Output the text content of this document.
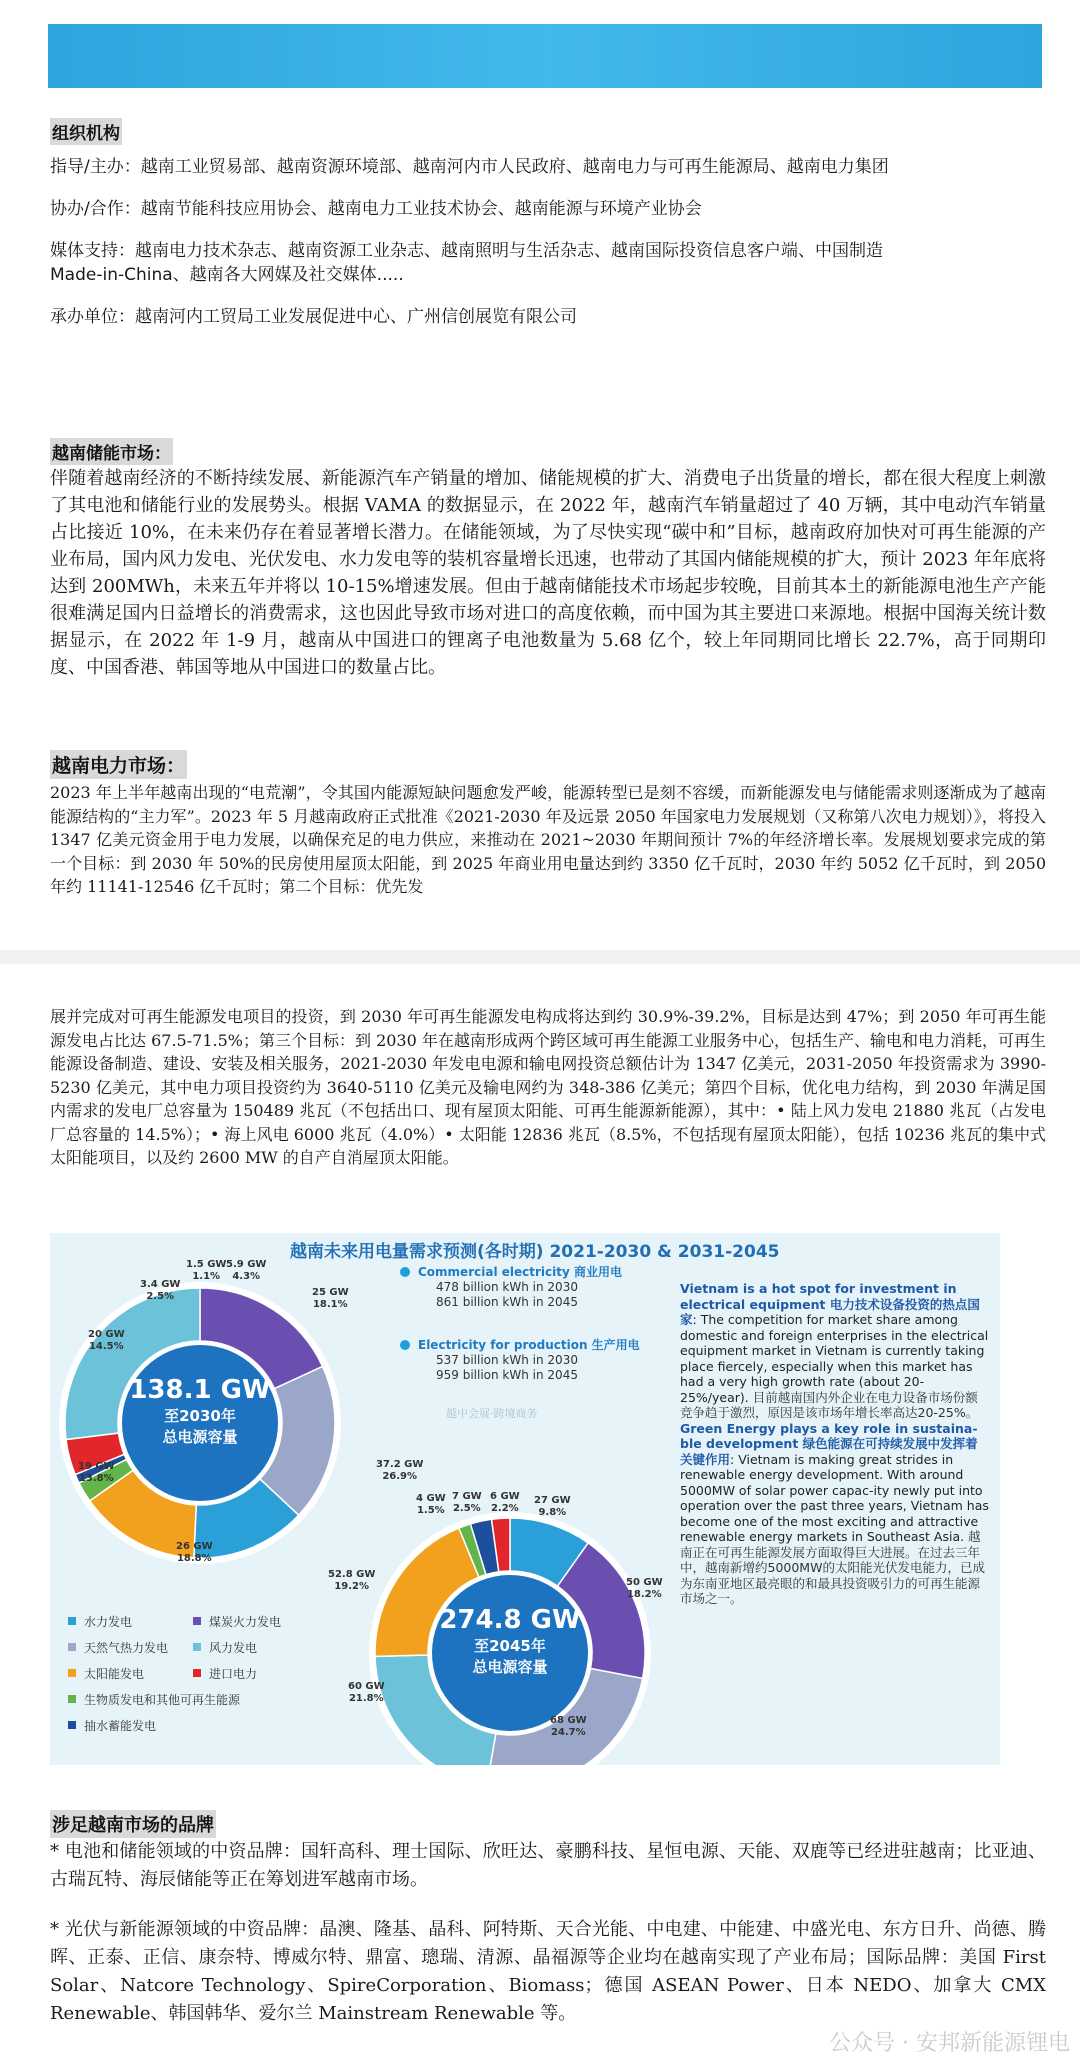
组织机构
指导/主办：越南工业贸易部、越南资源环境部、越南河内市人民政府、越南电力与可再生能源局、越南电力集团
协办/合作：越南节能科技应用协会、越南电力工业技术协会、越南能源与环境产业协会
媒体支持：越南电力技术杂志、越南资源工业杂志、越南照明与生活杂志、越南国际投资信息客户端、中国制造
Made-in-China、越南各大网媒及社交媒体.....
承办单位：越南河内工贸局工业发展促进中心、广州信创展览有限公司
越南储能市场：
伴随着越南经济的不断持续发展、新能源汽车产销量的增加、储能规模的扩大、消费电子出货量的增长，都在很大程度上刺激了其电池和储能行业的发展势头。根据 VAMA 的数据显示，在 2022 年，越南汽车销量超过了 40 万辆，其中电动汽车销量占比接近 10%，在未来仍存在着显著增长潜力。在储能领域，为了尽快实现“碳中和”目标，越南政府加快对可再生能源的产业布局，国内风力发电、光伏发电、水力发电等的装机容量增长迅速，也带动了其国内储能规模的扩大，预计 2023 年年底将达到 200MWh，未来五年并将以 10-15%增速发展。但由于越南储能技术市场起步较晚，目前其本土的新能源电池生产产能很难满足国内日益增长的消费需求，这也因此导致市场对进口的高度依赖，而中国为其主要进口来源地。根据中国海关统计数据显示，在 2022 年 1-9 月，越南从中国进口的锂离子电池数量为 5.68 亿个，较上年同期同比增长 22.7%，高于同期印度、中国香港、韩国等地从中国进口的数量占比。
越南电力市场：
2023 年上半年越南出现的“电荒潮”，令其国内能源短缺问题愈发严峻，能源转型已是刻不容缓，而新能源发电与储能需求则逐渐成为了越南能源结构的“主力军”。2023 年 5 月越南政府正式批准《2021-2030 年及远景 2050 年国家电力发展规划（又称第八次电力规划）》，将投入 1347 亿美元资金用于电力发展，以确保充足的电力供应，来推动在 2021~2030 年期间预计 7%的年经济增长率。发展规划要求完成的第一个目标：到 2030 年 50%的民房使用屋顶太阳能，到 2025 年商业用电量达到约 3350 亿千瓦时，2030 年约 5052 亿千瓦时，到 2050 年约 11141-12546 亿千瓦时；第二个目标：优先发
展并完成对可再生能源发电项目的投资，到 2030 年可再生能源发电构成将达到约 30.9%-39.2%，目标是达到 47%；到 2050 年可再生能源发电占比达 67.5-71.5%；第三个目标：到 2030 年在越南形成两个跨区域可再生能源工业服务中心，包括生产、输电和电力消耗，可再生能源设备制造、建设、安装及相关服务，2021-2030 年发电电源和输电网投资总额估计为 1347 亿美元，2031-2050 年投资需求为 3990-5230 亿美元，其中电力项目投资约为 3640-5110 亿美元及输电网约为 348-386 亿美元；第四个目标，优化电力结构，到 2030 年满足国内需求的发电厂总容量为 150489 兆瓦（不包括出口、现有屋顶太阳能、可再生能源新能源），其中：• 陆上风力发电 21880 兆瓦（占发电厂总容量的 14.5%）；• 海上风电 6000 兆瓦（4.0%）• 太阳能 12836 兆瓦（8.5%，不包括现有屋顶太阳能），包括 10236 兆瓦的集中式太阳能项目，以及约 2600 MW 的自产自消屋顶太阳能。
越南未来用电量需求预测(各时期) 2021-2030 & 2031-2045
138.1 GW
至2030年
总电源容量
274.8 GW
至2045年
总电源容量
25 GW
18.1%
26 GW
18.8%
19 GW
13.8%
20 GW
14.5%
3.4 GW
2.5%
1.5 GW
1.1%
5.9 GW
4.3%
37.2 GW
26.9%
27 GW
9.8%
50 GW
18.2%
68 GW
24.7%
60 GW
21.8%
52.8 GW
19.2%
4 GW
1.5%
7 GW
2.5%
6 GW
2.2%
Commercial electricity 商业用电
478 billion kWh in 2030
861 billion kWh in 2045
Electricity for production 生产用电
537 billion kWh in 2030
959 billion kWh in 2045
越中会展·跨境商务
Vietnam is a hot spot for investment in electrical equipment 电力技术设备投资的热点国家: The competition for market share among domestic and foreign enterprises in the electrical equipment market in Vietnam is currently taking place fiercely, especially when this market has had a very high growth rate (about 20-25%/year). 目前越南国内外企业在电力设备市场份额竞争趋于激烈，原因是该市场年增长率高达20-25%。
Green Energy plays a key role in sustaina-ble development 绿色能源在可持续发展中发挥着关键作用: Vietnam is making great strides in renewable energy development. With around 5000MW of solar power capac-ity newly put into operation over the past three years, Vietnam has become one of the most exciting and attractive renewable energy markets in Southeast Asia. 越南正在可再生能源发展方面取得巨大进展。在过去三年中，越南新增约5000MW的太阳能光伏发电能力，已成为东南亚地区最亮眼的和最具投资吸引力的可再生能源市场之一。
水力发电	煤炭火力发电
天然气热力发电	风力发电
太阳能发电	进口电力
生物质发电和其他可再生能源
抽水蓄能发电
涉足越南市场的品牌
* 电池和储能领域的中资品牌：国轩高科、理士国际、欣旺达、豪鹏科技、星恒电源、天能、双鹿等已经进驻越南；比亚迪、古瑞瓦特、海辰储能等正在筹划进军越南市场。
* 光伏与新能源领域的中资品牌：晶澳、隆基、晶科、阿特斯、天合光能、中电建、中能建、中盛光电、东方日升、尚德、腾晖、正泰、正信、康奈特、博威尔特、鼎富、璁瑞、清源、晶福源等企业均在越南实现了产业布局；国际品牌：美国 First Solar、Natcore Technology、SpireCorporation、Biomass；德国 ASEAN Power、日本 NEDO、加拿大 CMX Renewable、韩国韩华、爱尔兰 Mainstream Renewable 等。
公众号 · 安邦新能源锂电
